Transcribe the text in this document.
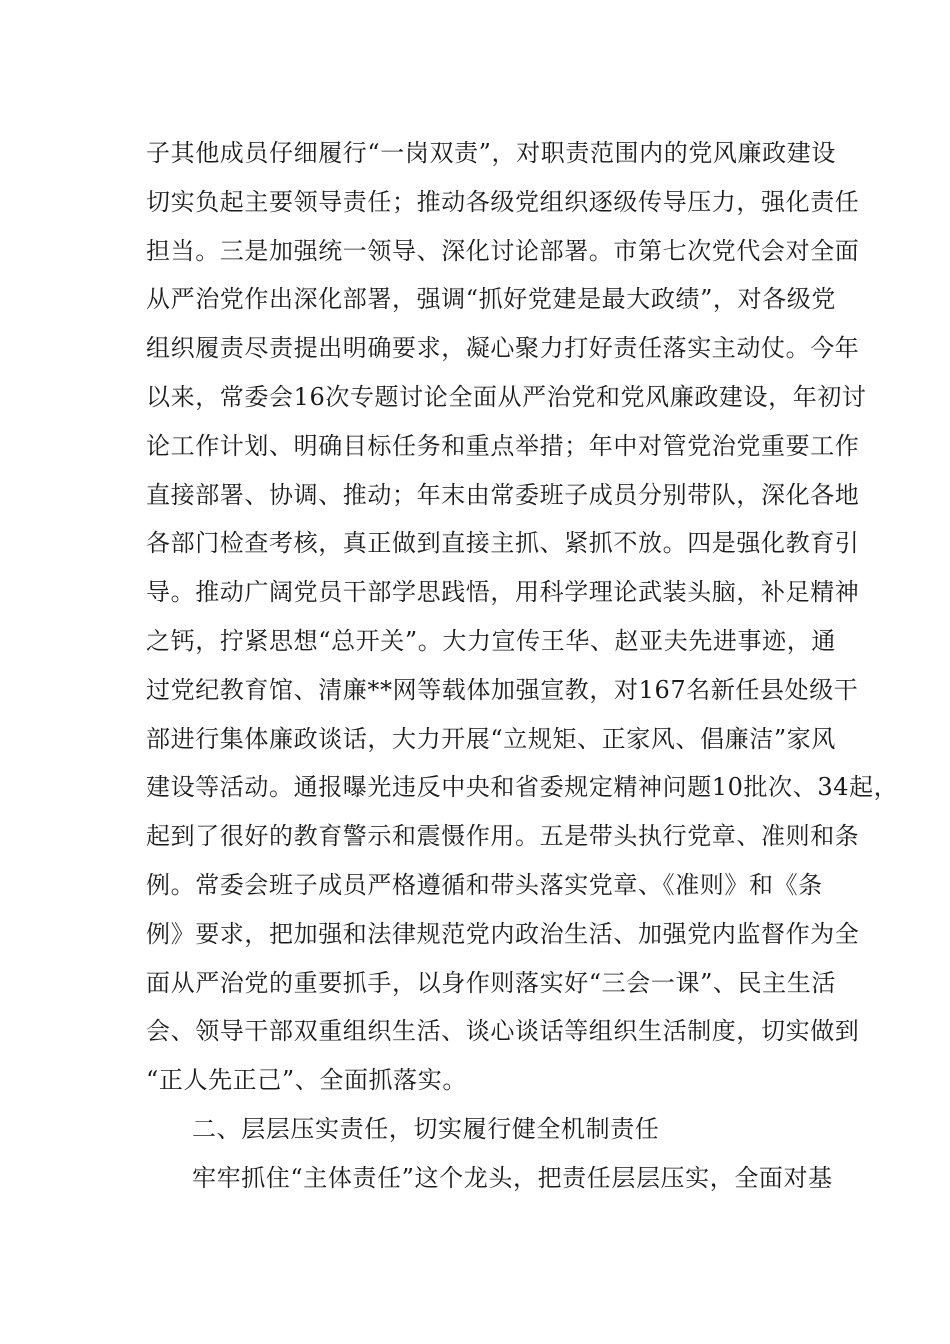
子其他成员仔细履行“一岗双责”，对职责范围内的党风廉政建设
切实负起主要领导责任；推动各级党组织逐级传导压力，强化责任
担当。三是加强统一领导、深化讨论部署。市第七次党代会对全面
从严治党作出深化部署，强调“抓好党建是最大政绩”，对各级党
组织履责尽责提出明确要求，凝心聚力打好责任落实主动仗。今年
以来，常委会16次专题讨论全面从严治党和党风廉政建设，年初讨
论工作计划、明确目标任务和重点举措；年中对管党治党重要工作
直接部署、协调、推动；年末由常委班子成员分别带队，深化各地
各部门检查考核，真正做到直接主抓、紧抓不放。四是强化教育引
导。推动广阔党员干部学思践悟，用科学理论武装头脑，补足精神
之钙，拧紧思想“总开关”。大力宣传王华、赵亚夫先进事迹，通
过党纪教育馆、清廉**网等载体加强宣教，对167名新任县处级干
部进行集体廉政谈话，大力开展“立规矩、正家风、倡廉洁”家风
建设等活动。通报曝光违反中央和省委规定精神问题10批次、34起，
起到了很好的教育警示和震慑作用。五是带头执行党章、准则和条
例。常委会班子成员严格遵循和带头落实党章、《准则》和《条
例》要求，把加强和法律规范党内政治生活、加强党内监督作为全
面从严治党的重要抓手，以身作则落实好“三会一课”、民主生活
会、领导干部双重组织生活、谈心谈话等组织生活制度，切实做到
“正人先正己”、全面抓落实。
二、层层压实责任，切实履行健全机制责任
牢牢抓住“主体责任”这个龙头，把责任层层压实，全面对基
